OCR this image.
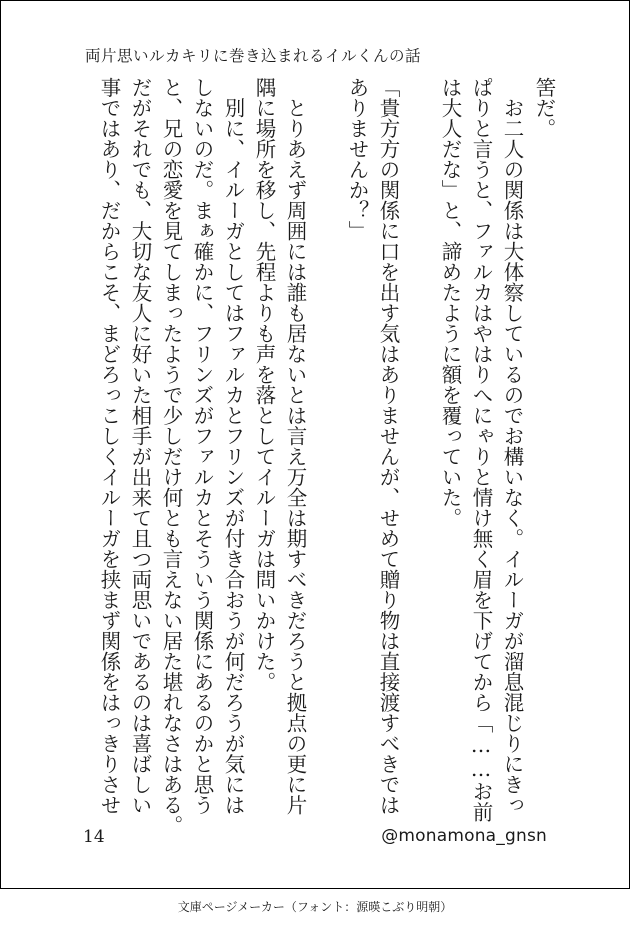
両片思いルカキリに巻き込まれるイルくんの話
筈だ。
　お二人の関係は大体察しているのでお構いなく。イルーガが溜息混じりにきっ
ぱりと言うと、ファルカはやはりへにゃりと情け無く眉を下げてから「……お前
は大人だな」と、諦めたように額を覆っていた。
「貴方方の関係に口を出す気はありませんが、せめて贈り物は直接渡すべきでは
ありませんか？」
　とりあえず周囲には誰も居ないとは言え万全は期すべきだろうと拠点の更に片
隅に場所を移し、先程よりも声を落としてイルーガは問いかけた。
　別に、イルーガとしてはファルカとフリンズが付き合おうが何だろうが気には
しないのだ。まぁ確かに、フリンズがファルカとそういう関係にあるのかと思う
と、兄の恋愛を見てしまったようで少しだけ何とも言えない居た堪れなさはある。
だがそれでも、大切な友人に好いた相手が出来て且つ両思いであるのは喜ばしい
事ではあり、だからこそ、まどろっこしくイルーガを挟まず関係をはっきりさせ
14	@monamona_gnsn
文庫ページメーカー（フォント：源暎こぶり明朝）
